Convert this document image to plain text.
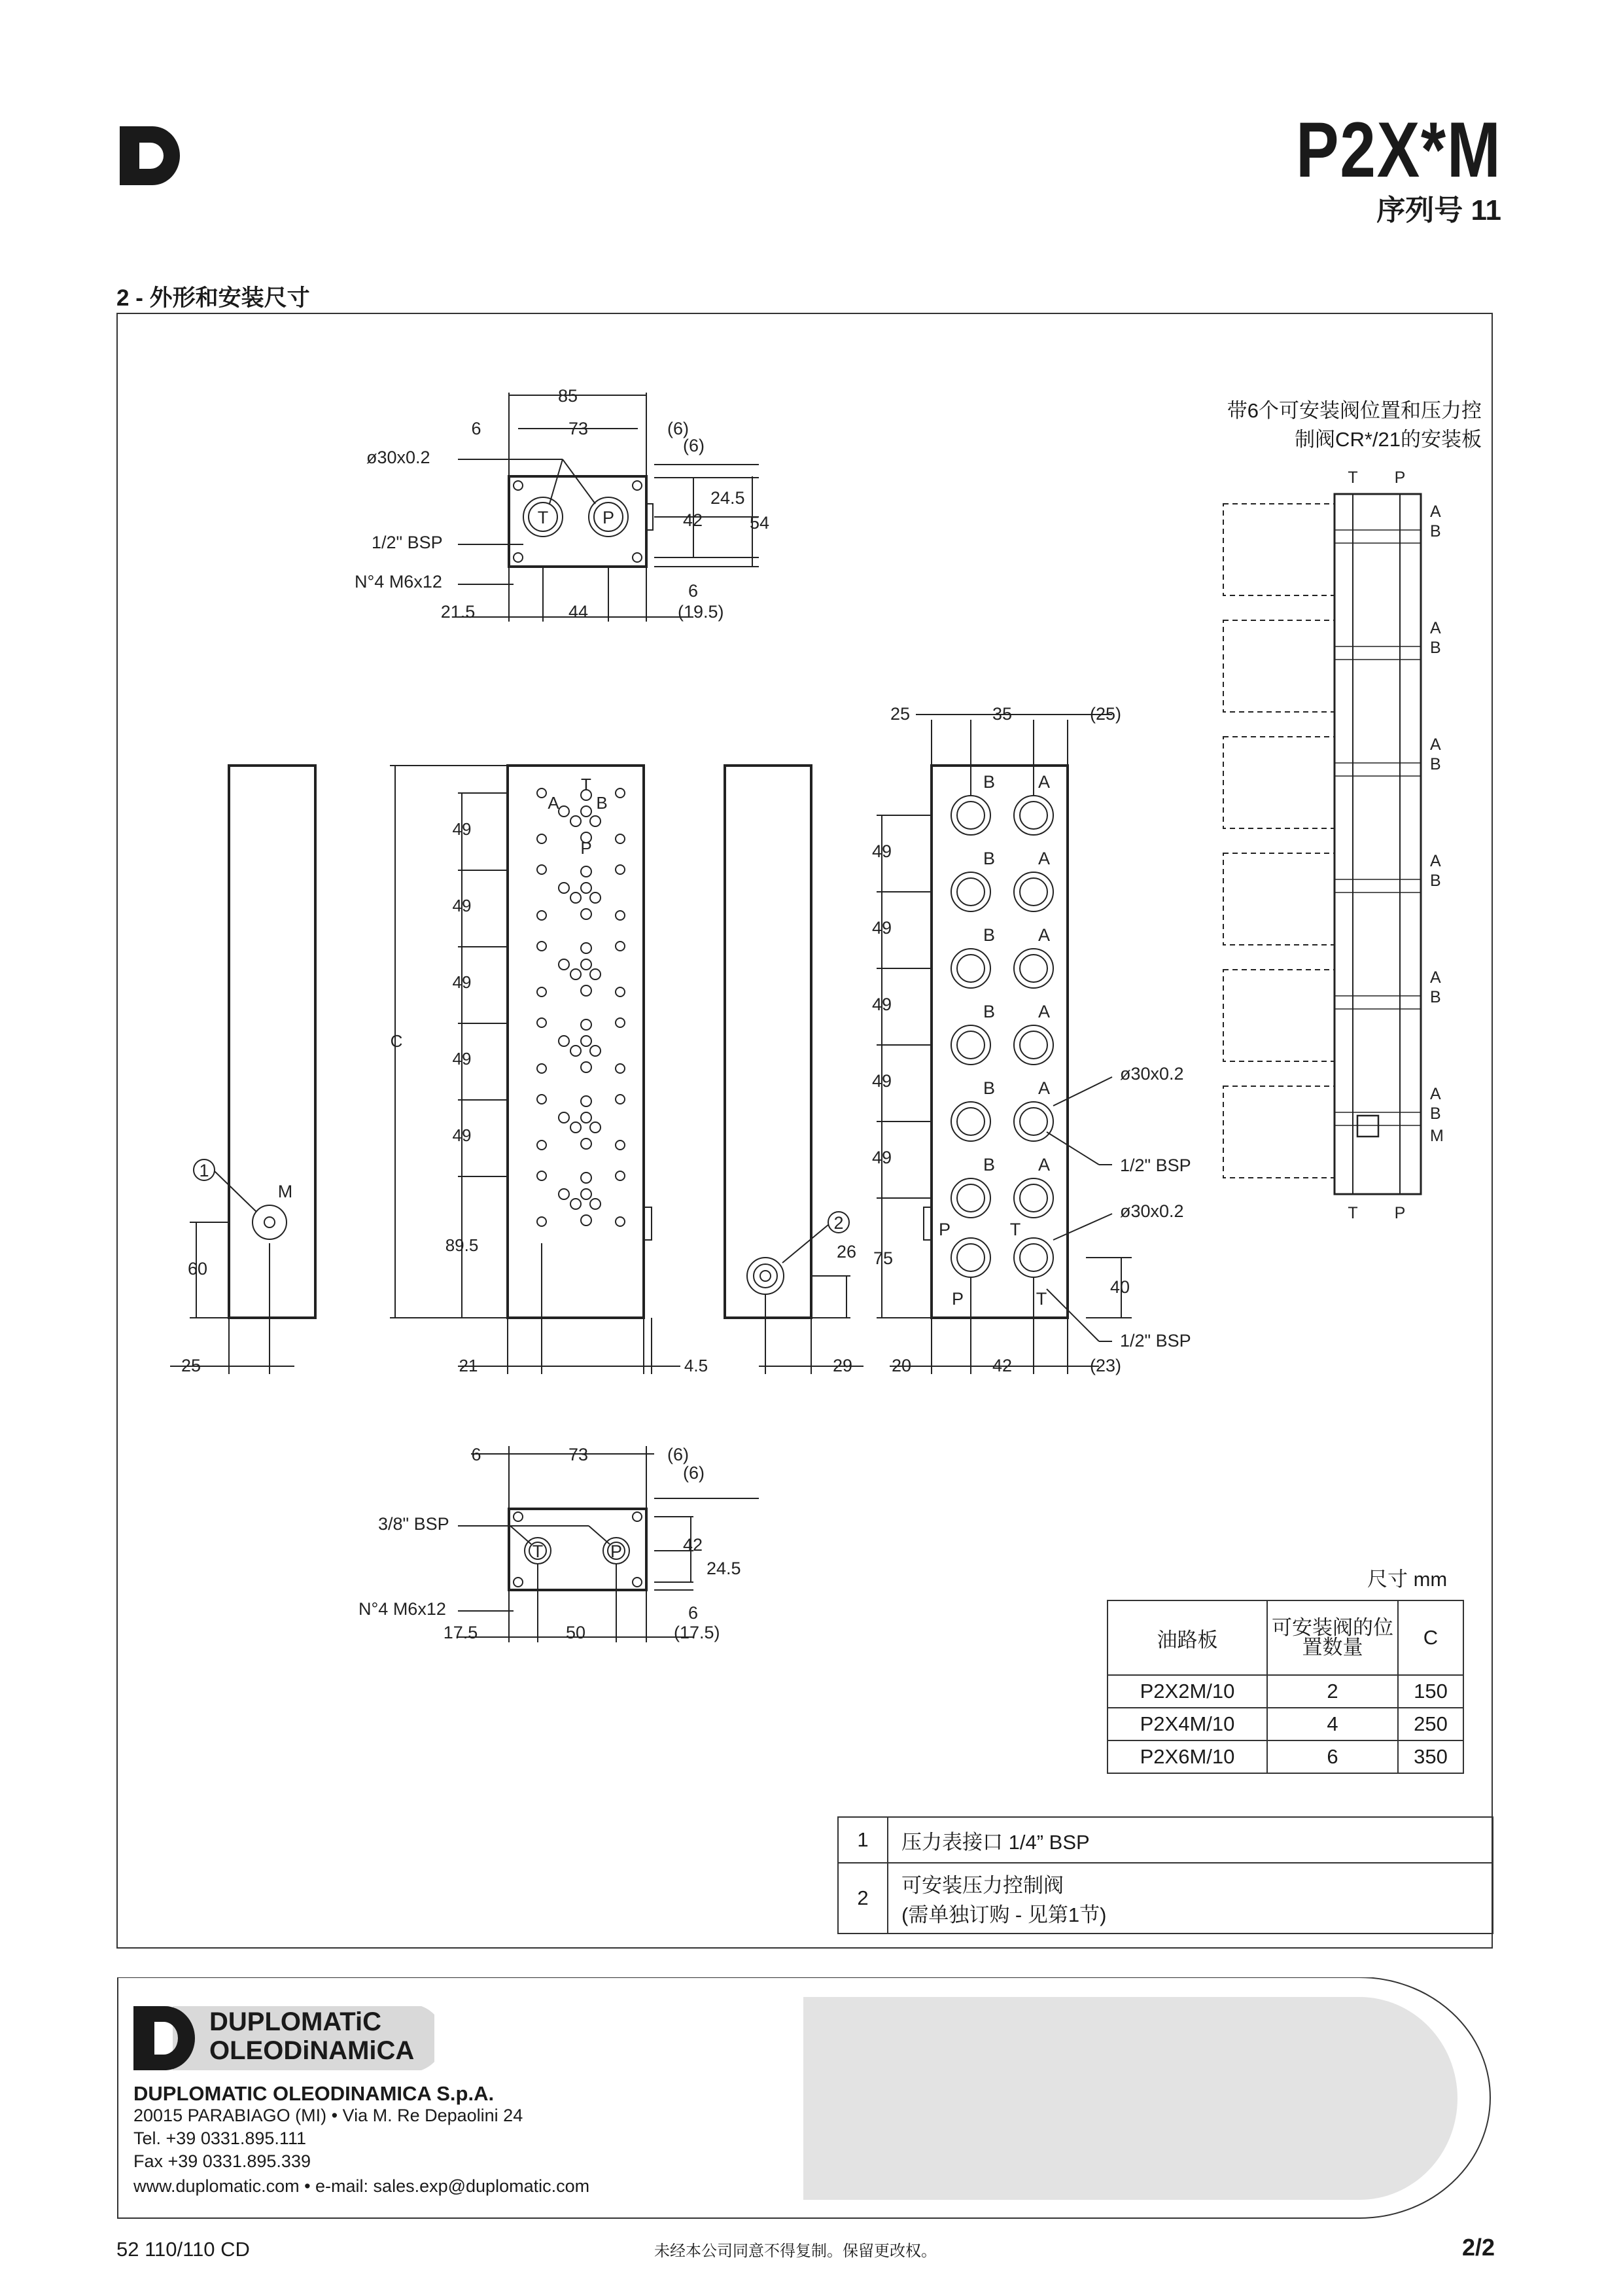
P2X*M
序列号 11
2 - 外形和安装尺寸
85
6	73	(6)
(6)
24.5
42	54
6
(19.5)
21.5	44
ø30x0.2
1/2" BSP
N°4 M6x12
T	P
1
M
60
25
T
A B
P
49
49
49
49
49
89.5
C
21	4.5
2
26
29
B A
B A
B A
B A
B A
B A
P	T
P	T
25	35	(25)
49
49
49
49
49
75
40
20	42	(23)
ø30x0.2
1/2" BSP
ø30x0.2
1/2" BSP
6	73	(6)
(6)
42
24.5
6
(17.5)
17.5	50
3/8" BSP
N°4 M6x12
T	P
T P
T P
A
B
A
B
A
B
A
B
A
B
A
B
M
带6个可安装阀位置和压力控
制阀CR*/21的安装板
尺寸 mm
油路板	可安装阀的位置数量	C
P2X2M/10	2	150
P2X4M/10	4	250
P2X6M/10	6	350
1	压力表接口 1/4” BSP
2	可安装压力控制阀
(需单独订购 - 见第1节)
DUPLOMATiC
OLEODiNAMiCA
DUPLOMATIC OLEODINAMICA S.p.A.
20015 PARABIAGO (MI) • Via M. Re Depaolini 24
Tel. +39 0331.895.111
Fax +39 0331.895.339
www.duplomatic.com • e-mail: sales.exp@duplomatic.com
52 110/110 CD	未经本公司同意不得复制。保留更改权。	2/2
